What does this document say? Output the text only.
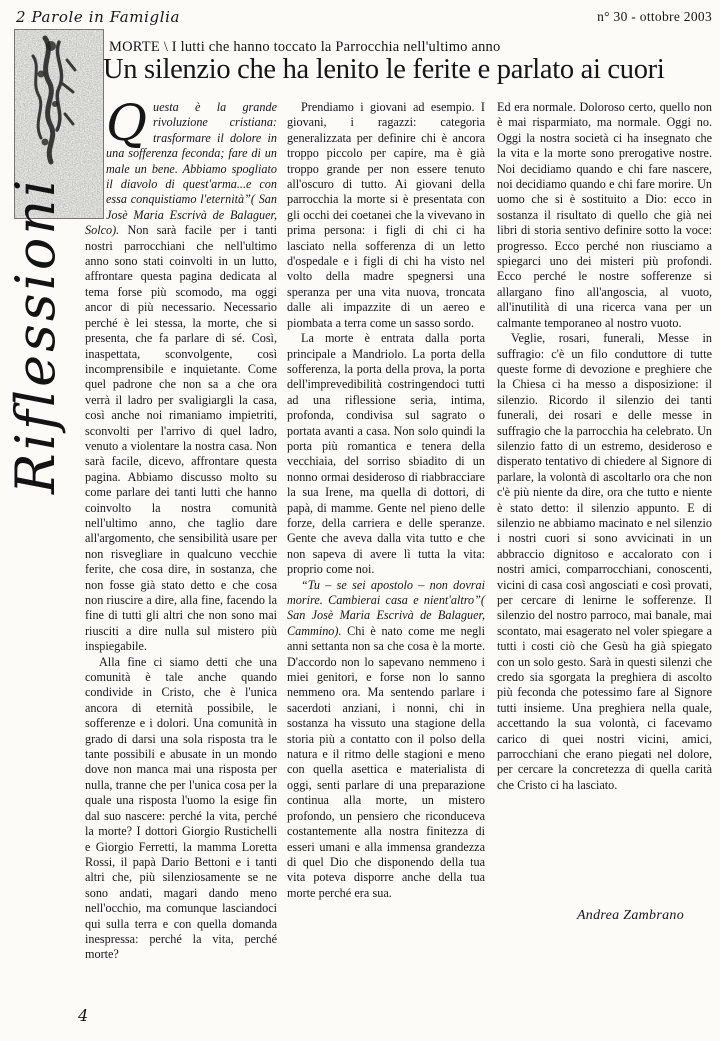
2 Parole in Famiglia	n° 30 - ottobre 2003
Riflessioni
MORTE \ I lutti che hanno toccato la Parrocchia nell'ultimo anno
Un silenzio che ha lenito le ferite e parlato ai cuori

Questa è la grande rivoluzione cristiana: trasformare il dolore in una sofferenza feconda; fare di un male un bene. Abbiamo spogliato il diavolo di quest'arma...e con essa conquistiamo l'eternità”( San Josè Maria Escrivà de Balaguer, Solco). Non sarà facile per i tanti nostri parrocchiani che nell'ultimo anno sono stati coinvolti in un lutto, affrontare questa pagina dedicata al tema forse più scomodo, ma oggi ancor di più necessario. Necessario perché è lei stessa, la morte, che si presenta, che fa parlare di sé. Così, inaspettata, sconvolgente, così incomprensibile e inquietante. Come quel padrone che non sa a che ora verrà il ladro per svaligiargli la casa, così anche noi rimaniamo impietriti, sconvolti per l'arrivo di quel ladro, venuto a violentare la nostra casa. Non sarà facile, dicevo, affrontare questa pagina. Abbiamo discusso molto su come parlare dei tanti lutti che hanno coinvolto la nostra comunità nell'ultimo anno, che taglio dare all'argomento, che sensibilità usare per non risvegliare in qualcuno vecchie ferite, che cosa dire, in sostanza, che non fosse già stato detto e che cosa non riuscire a dire, alla fine, facendo la fine di tutti gli altri che non sono mai riusciti a dire nulla sul mistero più inspiegabile.

Alla fine ci siamo detti che una comunità è tale anche quando condivide in Cristo, che è l'unica ancora di eternità possibile, le sofferenze e i dolori. Una comunità in grado di darsi una sola risposta tra le tante possibili e abusate in un mondo dove non manca mai una risposta per nulla, tranne che per l'unica cosa per la quale una risposta l'uomo la esige fin dal suo nascere: perché la vita, perché la morte? I dottori Giorgio Rustichelli e Giorgio Ferretti, la mamma Loretta Rossi, il papà Dario Bettoni e i tanti altri che, più silenziosamente se ne sono andati, magari dando meno nell'occhio, ma comunque lasciandoci qui sulla terra e con quella domanda inespressa: perché la vita, perché morte?

Prendiamo i giovani ad esempio. I giovani, i ragazzi: categoria generalizzata per definire chi è ancora troppo piccolo per capire, ma è già troppo grande per non essere tenuto all'oscuro di tutto. Ai giovani della parrocchia la morte si è presentata con gli occhi dei coetanei che la vivevano in prima persona: i figli di chi ci ha lasciato nella sofferenza di un letto d'ospedale e i figli di chi ha visto nel volto della madre spegnersi una speranza per una vita nuova, troncata dalle ali impazzite di un aereo e piombata a terra come un sasso sordo.

La morte è entrata dalla porta principale a Mandriolo. La porta della sofferenza, la porta della prova, la porta dell'imprevedibilità costringendoci tutti ad una riflessione seria, intima, profonda, condivisa sul sagrato o portata avanti a casa. Non solo quindi la porta più romantica e tenera della vecchiaia, del sorriso sbiadito di un nonno ormai desideroso di riabbracciare la sua Irene, ma quella di dottori, di papà, di mamme. Gente nel pieno delle forze, della carriera e delle speranze. Gente che aveva dalla vita tutto e che non sapeva di avere lì tutta la vita: proprio come noi.

“Tu – se sei apostolo – non dovrai morire. Cambierai casa e nient'altro”( San Josè Maria Escrivà de Balaguer, Cammino). Chi è nato come me negli anni settanta non sa che cosa è la morte. D'accordo non lo sapevano nemmeno i miei genitori, e forse non lo sanno nemmeno ora. Ma sentendo parlare i sacerdoti anziani, i nonni, chi in sostanza ha vissuto una stagione della storia più a contatto con il polso della natura e il ritmo delle stagioni e meno con quella asettica e materialista di oggi, senti parlare di una preparazione continua alla morte, un mistero profondo, un pensiero che riconduceva costantemente alla nostra finitezza di esseri umani e alla immensa grandezza di quel Dio che disponendo della tua vita poteva disporre anche della tua morte perché era sua.

Ed era normale. Doloroso certo, quello non è mai risparmiato, ma normale. Oggi no. Oggi la nostra società ci ha insegnato che la vita e la morte sono prerogative nostre. Noi decidiamo quando e chi fare nascere, noi decidiamo quando e chi fare morire. Un uomo che si è sostituito a Dio: ecco in sostanza il risultato di quello che già nei libri di storia sentivo definire sotto la voce: progresso. Ecco perché non riusciamo a spiegarci uno dei misteri più profondi. Ecco perché le nostre sofferenze si allargano fino all'angoscia, al vuoto, all'inutilità di una ricerca vana per un calmante temporaneo al nostro vuoto.

Veglie, rosari, funerali, Messe in suffragio: c'è un filo conduttore di tutte queste forme di devozione e preghiere che la Chiesa ci ha messo a disposizione: il silenzio. Ricordo il silenzio dei tanti funerali, dei rosari e delle messe in suffragio che la parrocchia ha celebrato. Un silenzio fatto di un estremo, desideroso e disperato tentativo di chiedere al Signore di parlare, la volontà di ascoltarlo ora che non c'è più niente da dire, ora che tutto e niente è stato detto: il silenzio appunto. E di silenzio ne abbiamo macinato e nel silenzio i nostri cuori si sono avvicinati in un abbraccio dignitoso e accalorato con i nostri amici, comparrocchiani, conoscenti, vicini di casa così angosciati e così provati, per cercare di lenirne le sofferenze. Il silenzio del nostro parroco, mai banale, mai scontato, mai esagerato nel voler spiegare a tutti i costi ciò che Gesù ha già spiegato con un solo gesto. Sarà in questi silenzi che credo sia sgorgata la preghiera di ascolto più feconda che potessimo fare al Signore tutti insieme. Una preghiera nella quale, accettando la sua volontà, ci facevamo carico di quei nostri vicini, amici, parrocchiani che erano piegati nel dolore, per cercare la concretezza di quella carità che Cristo ci ha lasciato.

Andrea Zambrano
4
